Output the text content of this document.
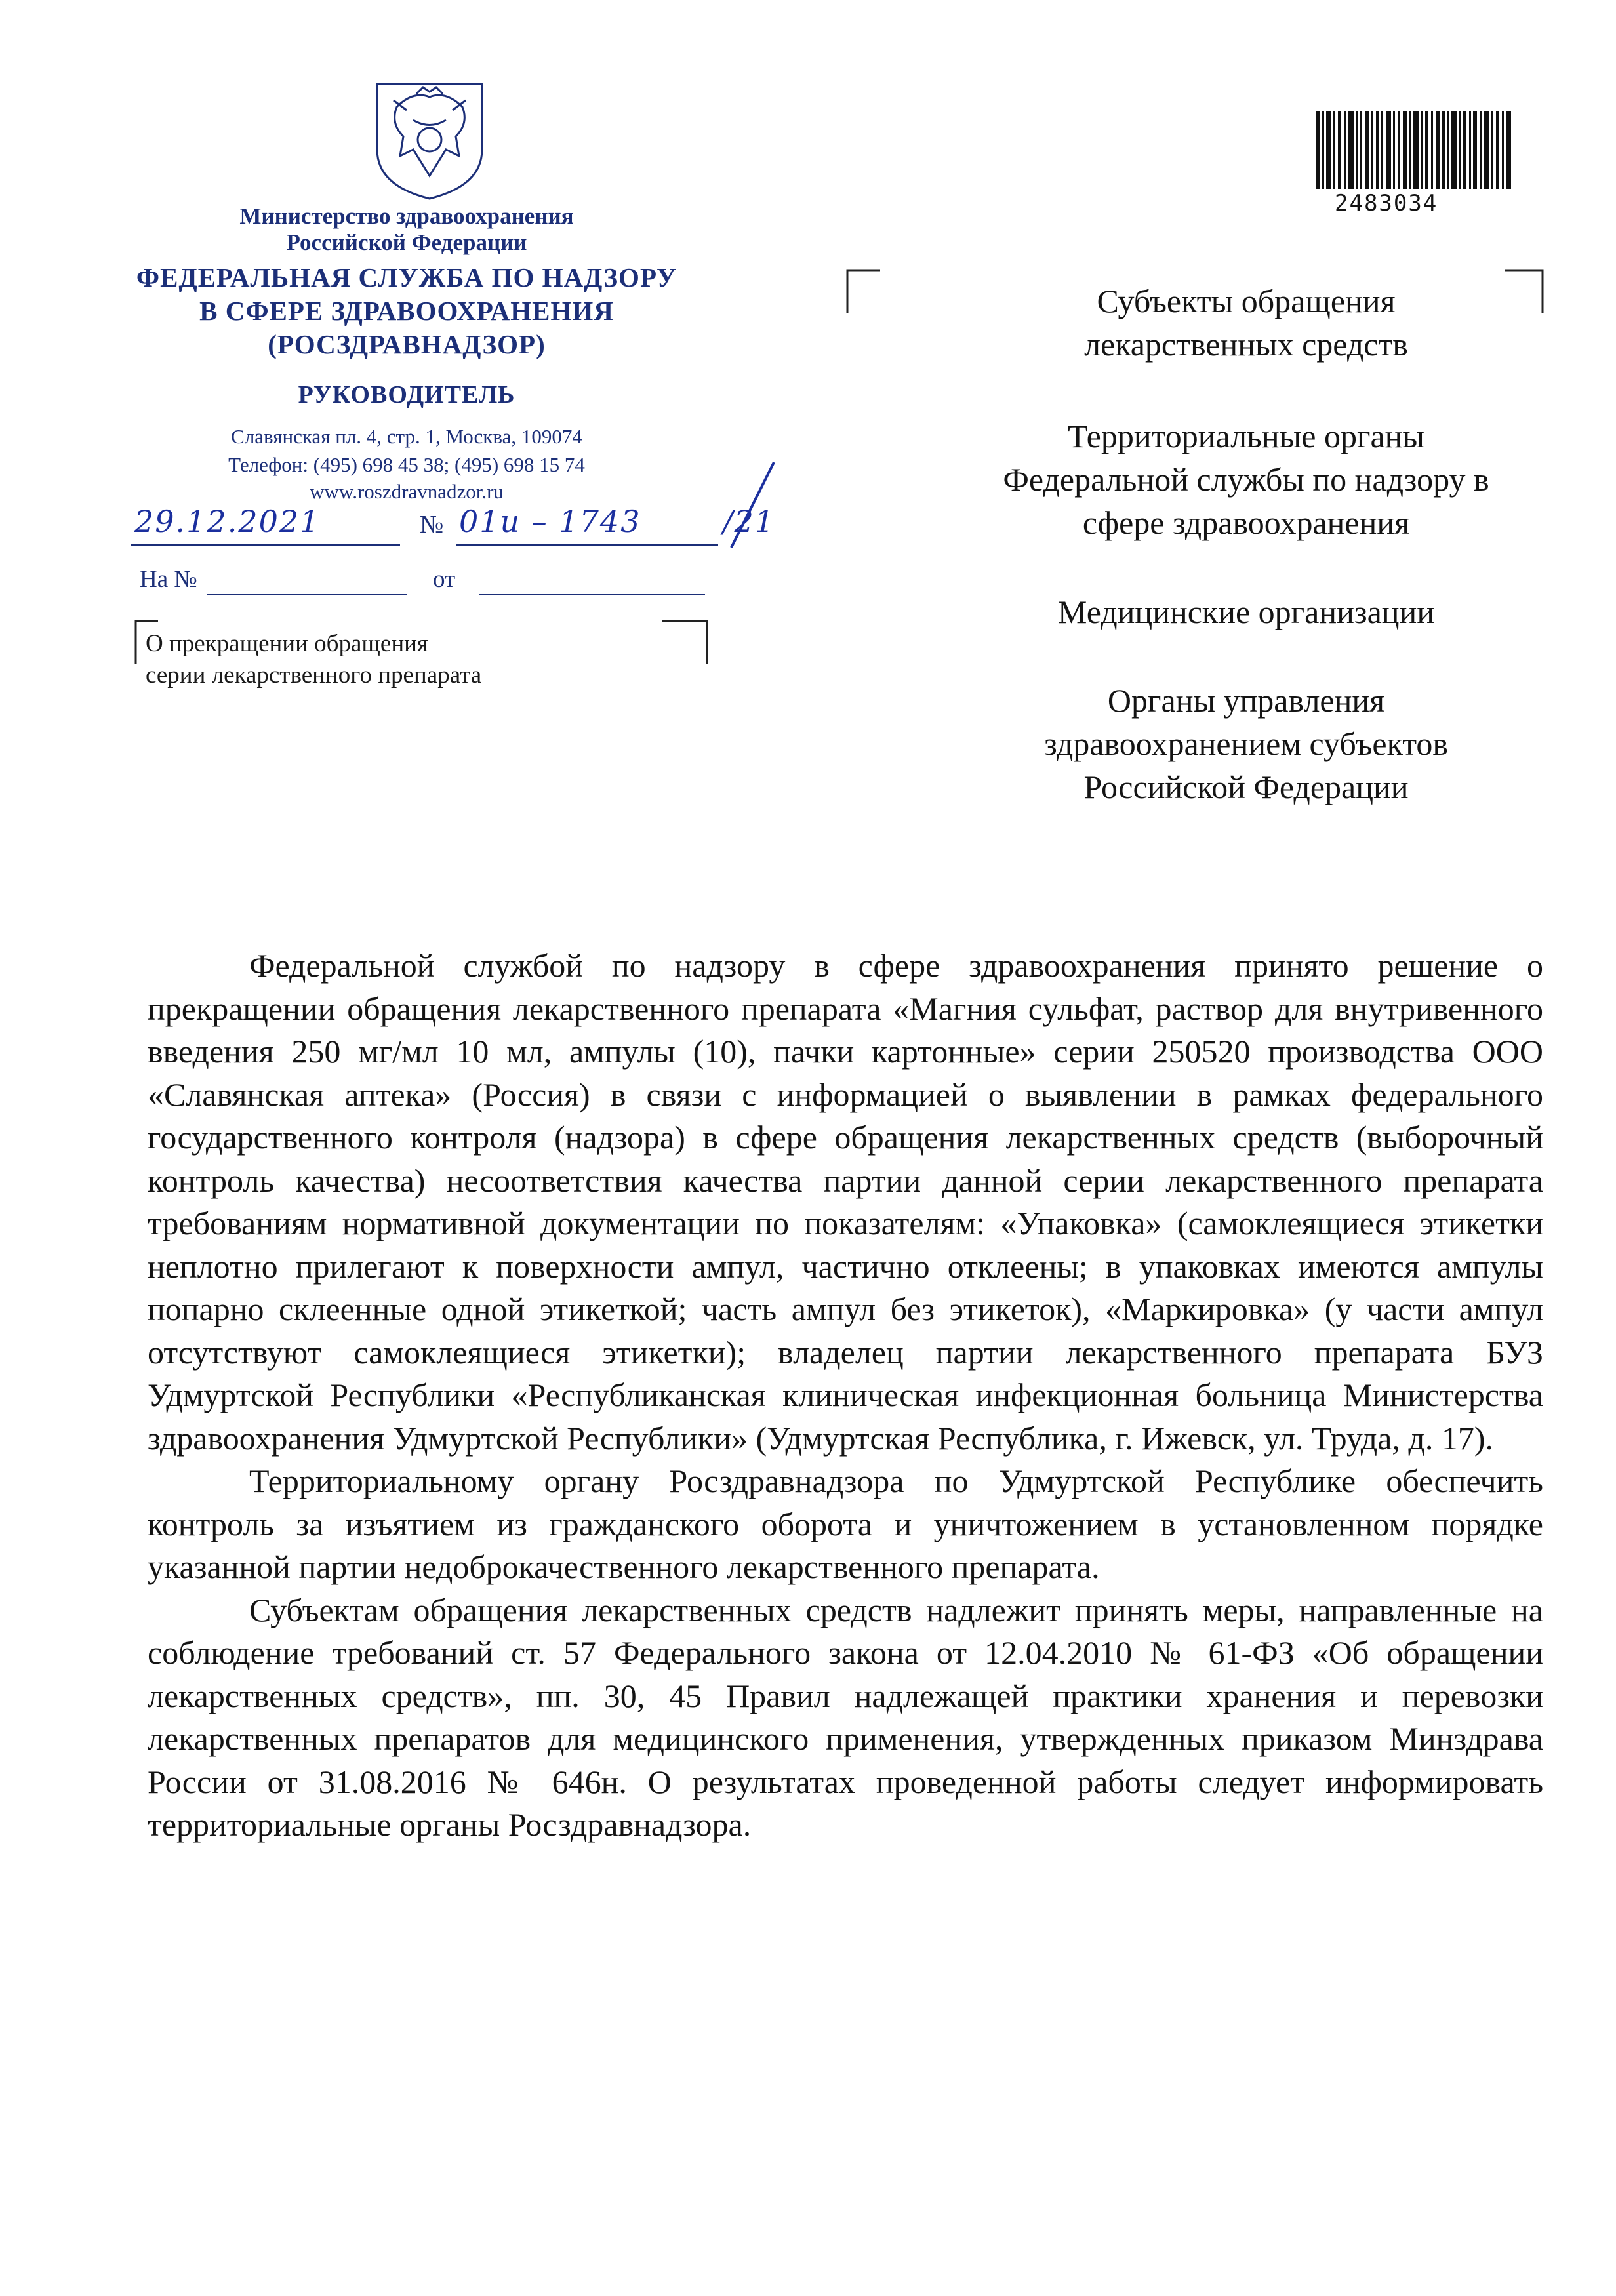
Министерство здравоохранения
Российской Федерации
ФЕДЕРАЛЬНАЯ СЛУЖБА ПО НАДЗОРУ
В СФЕРЕ ЗДРАВООХРАНЕНИЯ
(РОСЗДРАВНАДЗОР)
РУКОВОДИТЕЛЬ
Славянская пл. 4, стр. 1, Москва, 109074
Телефон: (495) 698 45 38; (495) 698 15 74
www.roszdravnadzor.ru
29.12.2021	№ 01и – 1743	/21
На №	от
О прекращении обращения
серии лекарственного препарата
2483034
Субъекты обращения
лекарственных средств
Территориальные органы
Федеральной службы по надзору в
сфере здравоохранения
Медицинские организации
Органы управления
здравоохранением субъектов
Российской Федерации

Федеральной службой по надзору в сфере здравоохранения принято решение о прекращении обращения лекарственного препарата «Магния сульфат, раствор для внутривенного введения 250 мг/мл 10 мл, ампулы (10), пачки картонные» серии 250520 производства ООО «Славянская аптека» (Россия) в связи с информацией о выявлении в рамках федерального государственного контроля (надзора) в сфере обращения лекарственных средств (выборочный контроль качества) несоответствия качества партии данной серии лекарственного препарата требованиям нормативной документации по показателям: «Упаковка» (самоклеящиеся этикетки неплотно прилегают к поверхности ампул, частично отклеены; в упаковках имеются ампулы попарно склеенные одной этикеткой; часть ампул без этикеток), «Маркировка» (у части ампул отсутствуют самоклеящиеся этикетки); владелец партии лекарственного препарата БУЗ Удмуртской Республики «Республиканская клиническая инфекционная больница Министерства здравоохранения Удмуртской Республики» (Удмуртская Республика, г. Ижевск, ул. Труда, д. 17).

Территориальному органу Росздравнадзора по Удмуртской Республике обеспечить контроль за изъятием из гражданского оборота и уничтожением в установленном порядке указанной партии недоброкачественного лекарственного препарата.

Субъектам обращения лекарственных средств надлежит принять меры, направленные на соблюдение требований ст. 57 Федерального закона от 12.04.2010 № 61-ФЗ «Об обращении лекарственных средств», пп. 30, 45 Правил надлежащей практики хранения и перевозки лекарственных препаратов для медицинского применения, утвержденных приказом Минздрава России от 31.08.2016 № 646н. О результатах проведенной работы следует информировать территориальные органы Росздравнадзора.
